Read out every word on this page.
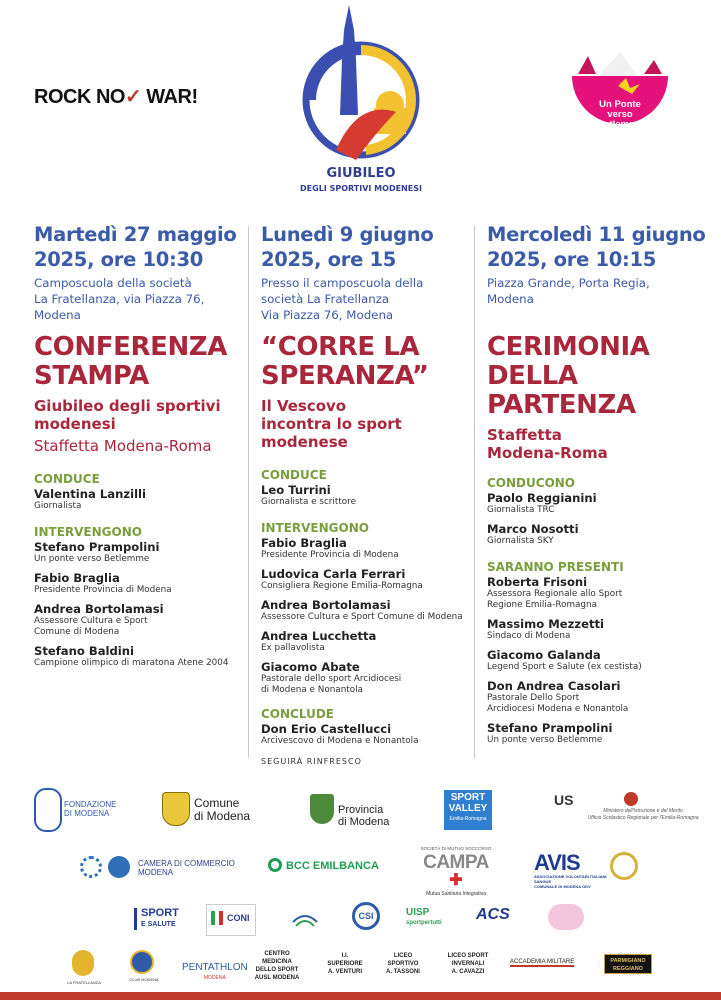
ROCK NO✓ WAR!
GIUBILEO
DEGLI SPORTIVI MODENESI
Un Ponte
verso
Betlemme
ODV
Martedì 27 maggio
2025, ore 10:30
Camposcuola della società
La Fratellanza, via Piazza 76,
Modena
CONFERENZA
STAMPA
Giubileo degli sportivi
modenesi
Staffetta Modena-Roma
CONDUCE
Valentina Lanzilli
Giornalista
INTERVENGONO
Stefano Prampolini
Un ponte verso Betlemme
Fabio Braglia
Presidente Provincia di Modena
Andrea Bortolamasi
Assessore Cultura e Sport
Comune di Modena
Stefano Baldini
Campione olimpico di maratona Atene 2004
Lunedì 9 giugno
2025, ore 15
Presso il camposcuola della
società La Fratellanza
Via Piazza 76, Modena
“CORRE LA
SPERANZA”
Il Vescovo
incontra lo sport
modenese
CONDUCE
Leo Turrini
Giornalista e scrittore
INTERVENGONO
Fabio Braglia
Presidente Provincia di Modena
Ludovica Carla Ferrari
Consigliera Regione Emilia-Romagna
Andrea Bortolamasi
Assessore Cultura e Sport Comune di Modena
Andrea Lucchetta
Ex pallavolista
Giacomo Abate
Pastorale dello sport Arcidiocesi
di Modena e Nonantola
CONCLUDE
Don Erio Castellucci
Arcivescovo di Modena e Nonantola
SEGUIRÀ RINFRESCO
Mercoledì 11 giugno
2025, ore 10:15
Piazza Grande, Porta Regia,
Modena
CERIMONIA
DELLA
PARTENZA
Staffetta
Modena-Roma
CONDUCONO
Paolo Reggianini
Giornalista TRC
Marco Nosotti
Giornalista SKY
SARANNO PRESENTI
Roberta Frisoni
Assessora Regionale allo Sport
Regione Emilia-Romagna
Massimo Mezzetti
Sindaco di Modena
Giacomo Galanda
Legend Sport e Salute (ex cestista)
Don Andrea Casolari
Pastorale Dello Sport
Arcidiocesi Modena e Nonantola
Stefano Prampolini
Un ponte verso Betlemme
FONDAZIONE
DI MODENA
Comune
di Modena	Provincia
di Modena
SPORT
VALLEY
Emilia-Romagna
US
Ministero dell'Istruzione e del Merito
Ufficio Scolastico Regionale per l'Emilia-Romagna
CAMERA DI COMMERCIO
MODENA
BCC EMILBANCA
SOCIETÀ DI MUTUO SOCCORSO
CAMPA
✚
Mutua Sanitaria Integrativa
AVIS
ASSOCIAZIONE VOLONTARI ITALIANI SANGUE
COMUNALE DI MODENA ODV
SPORT
E SALUTE
CONI	CSI	UISP
sportpertutti ACS
LA FRATELLANZA
CLUB MODENA
PENTATHLON
MODENA
CENTRO
MEDICINA
DELLO SPORT
AUSL MODENA
I.I.
SUPERIORE
A. VENTURI
LICEO
SPORTIVO
A. TASSONI
LICEO SPORT
INVERNALI
A. CAVAZZI
ACCADEMIA MILITARE	PARMIGIANO
REGGIANO
